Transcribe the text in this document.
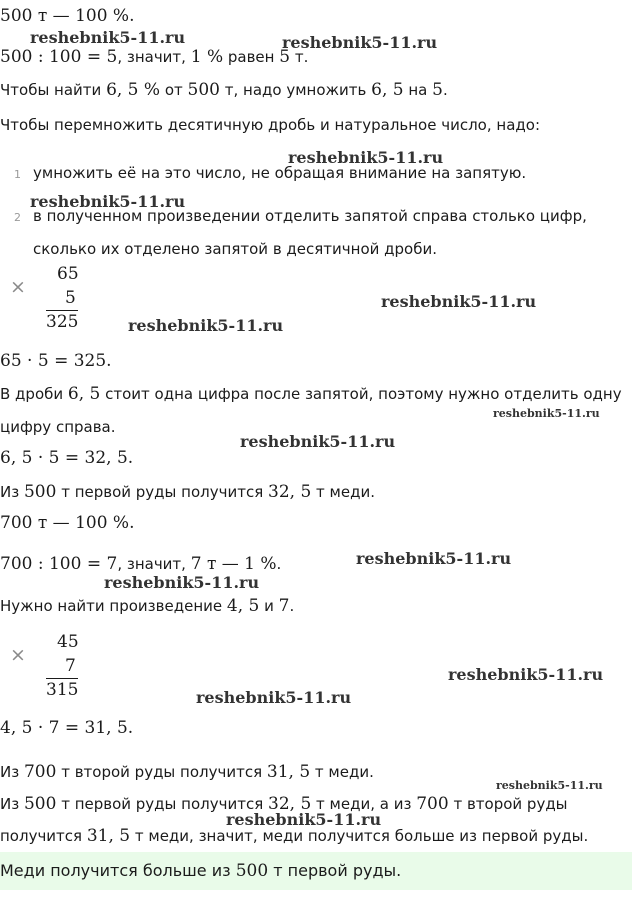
500 т — 100 %.
500 : 100 = 5, значит, 1 % равен 5 т.
Чтобы найти 6, 5 % от 500 т, надо умножить 6, 5 на 5.
Чтобы перемножить десятичную дробь и натуральное число, надо:
1 умножить её на это число, не обращая внимание на запятую.
2 в полученном произведении отделить запятой справа столько цифр,
сколько их отделено запятой в десятичной дроби.
×
65
5
325
65 · 5 = 325.
В дроби 6, 5 стоит одна цифра после запятой, поэтому нужно отделить одну
цифру справа.
6, 5 · 5 = 32, 5.
Из 500 т первой руды получится 32, 5 т меди.
700 т — 100 %.
700 : 100 = 7, значит, 7 т — 1 %.
Нужно найти произведение 4, 5 и 7.
×
45
7
315
4, 5 · 7 = 31, 5.
Из 700 т второй руды получится 31, 5 т меди.
Из 500 т первой руды получится 32, 5 т меди, а из 700 т второй руды
получится 31, 5 т меди, значит, меди получится больше из первой руды.
Меди получится больше из 500 т первой руды.
reshebnik5-11.ru	reshebnik5-11.ru
reshebnik5-11.ru
reshebnik5-11.ru
reshebnik5-11.ru
reshebnik5-11.ru
reshebnik5-11.ru
reshebnik5-11.ru
reshebnik5-11.ru
reshebnik5-11.ru
reshebnik5-11.ru
reshebnik5-11.ru
reshebnik5-11.ru
reshebnik5-11.ru
